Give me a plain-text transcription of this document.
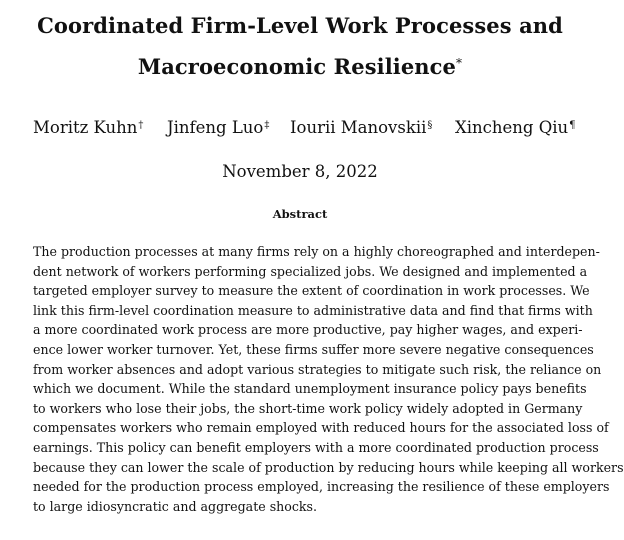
Coordinated Firm-Level Work Processes and
Macroeconomic Resilience*
Moritz Kuhn† Jinfeng Luo‡ Iourii Manovskii§ Xincheng Qiu¶
November 8, 2022
Abstract
The production processes at many firms rely on a highly choreographed and interdepen-
dent network of workers performing specialized jobs. We designed and implemented a
targeted employer survey to measure the extent of coordination in work processes. We
link this firm-level coordination measure to administrative data and find that firms with
a more coordinated work process are more productive, pay higher wages, and experi-
ence lower worker turnover. Yet, these firms suffer more severe negative consequences
from worker absences and adopt various strategies to mitigate such risk, the reliance on
which we document. While the standard unemployment insurance policy pays benefits
to workers who lose their jobs, the short-time work policy widely adopted in Germany
compensates workers who remain employed with reduced hours for the associated loss of
earnings. This policy can benefit employers with a more coordinated production process
because they can lower the scale of production by reducing hours while keeping all workers
needed for the production process employed, increasing the resilience of these employers
to large idiosyncratic and aggregate shocks.
